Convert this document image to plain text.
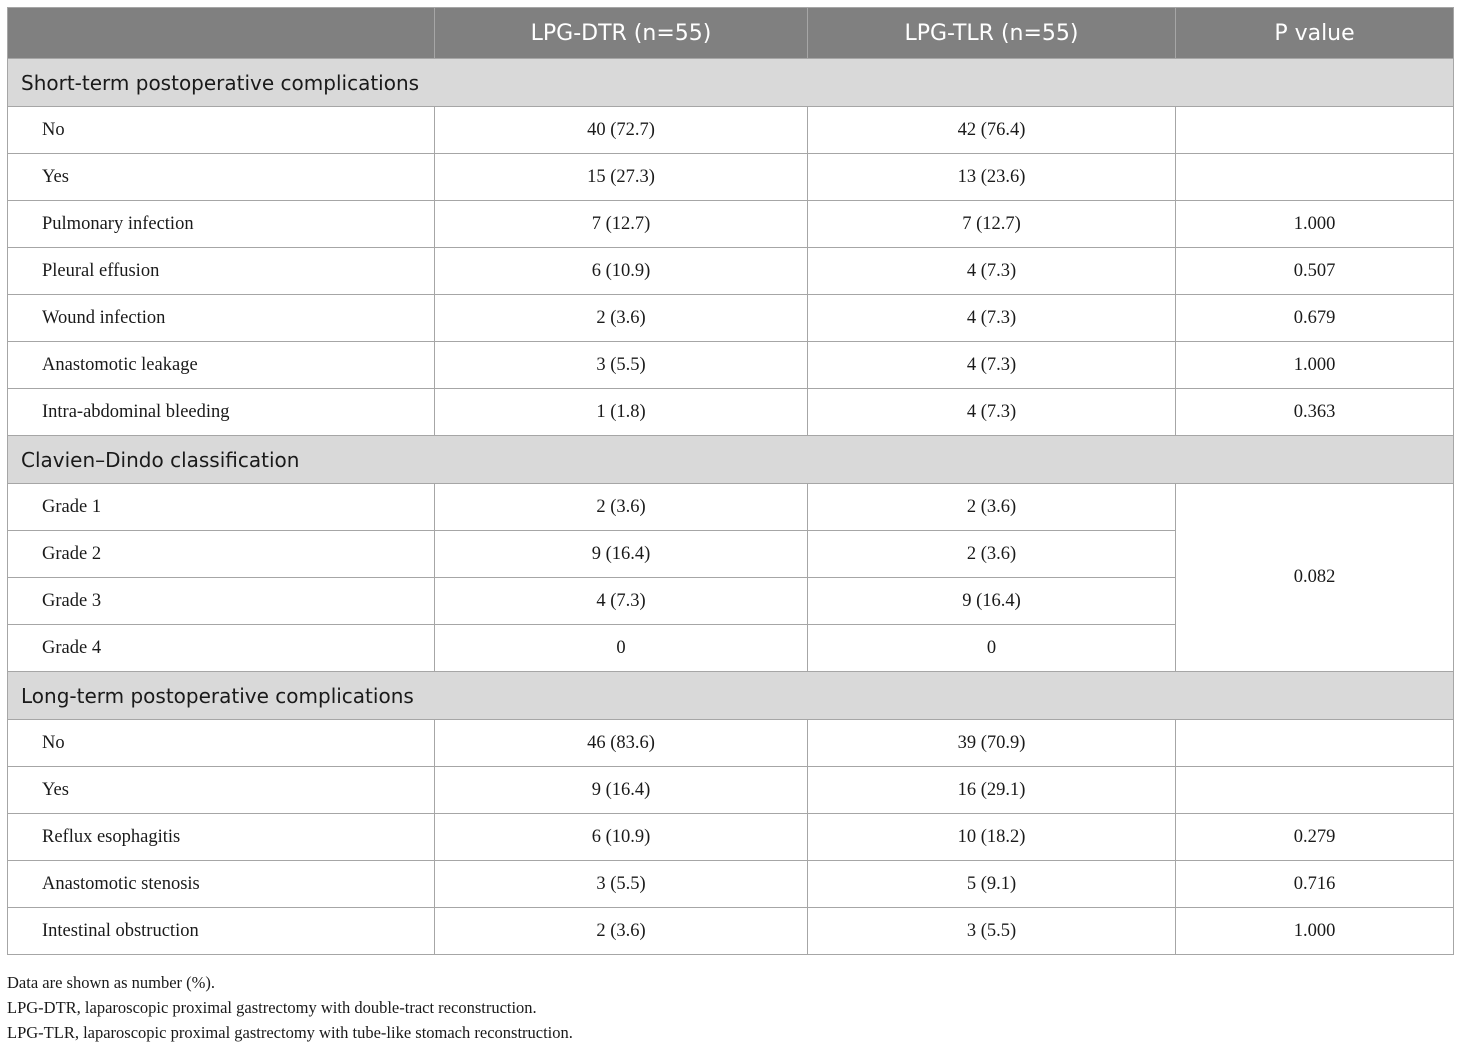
	LPG-DTR (n=55)	LPG-TLR (n=55)	P value
Short-term postoperative complications			
No	40 (72.7)	42 (76.4)	
Yes	15 (27.3)	13 (23.6)	
Pulmonary infection	7 (12.7)	7 (12.7)	1.000
Pleural effusion	6 (10.9)	4 (7.3)	0.507
Wound infection	2 (3.6)	4 (7.3)	0.679
Anastomotic leakage	3 (5.5)	4 (7.3)	1.000
Intra-abdominal bleeding	1 (1.8)	4 (7.3)	0.363
Clavien–Dindo classification			
Grade 1	2 (3.6)	2 (3.6)	0.082
Grade 2	9 (16.4)	2 (3.6)	
Grade 3	4 (7.3)	9 (16.4)	
Grade 4	0	0	
Long-term postoperative complications			
No	46 (83.6)	39 (70.9)	
Yes	9 (16.4)	16 (29.1)	
Reflux esophagitis	6 (10.9)	10 (18.2)	0.279
Anastomotic stenosis	3 (5.5)	5 (9.1)	0.716
Intestinal obstruction	2 (3.6)	3 (5.5)	1.000
Data are shown as number (%).
LPG-DTR, laparoscopic proximal gastrectomy with double-tract reconstruction.
LPG-TLR, laparoscopic proximal gastrectomy with tube-like stomach reconstruction.
